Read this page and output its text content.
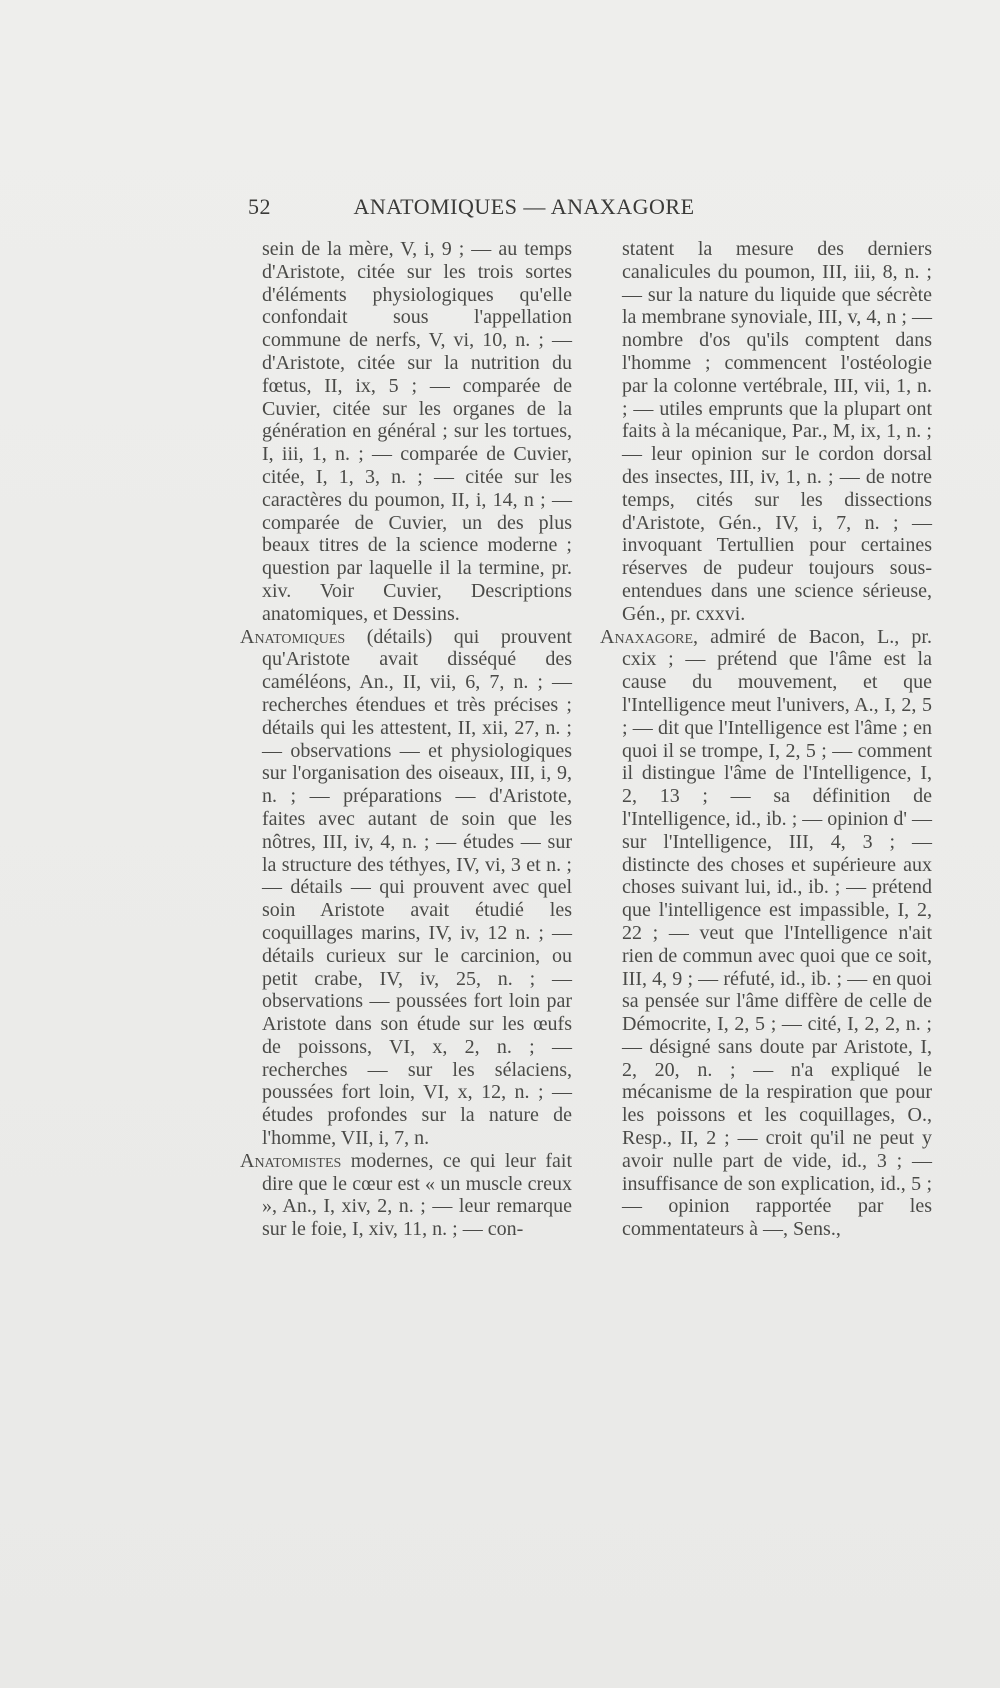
52	ANATOMIQUES — ANAXAGORE

sein de la mère, V, i, 9 ; — au temps d'Aristote, citée sur les trois sortes d'éléments physiologiques qu'elle confondait sous l'appellation commune de nerfs, V, vi, 10, n. ; — d'Aristote, citée sur la nutrition du fœtus, II, ix, 5 ; — comparée de Cuvier, citée sur les organes de la génération en général ; sur les tortues, I, iii, 1, n. ; — comparée de Cuvier, citée, I, 1, 3, n. ; — citée sur les caractères du poumon, II, i, 14, n ; — comparée de Cuvier, un des plus beaux titres de la science moderne ; question par laquelle il la termine, pr. xiv. Voir Cuvier, Descriptions anatomiques, et Dessins.

Anatomiques (détails) qui prouvent qu'Aristote avait disséqué des caméléons, An., II, vii, 6, 7, n. ; — recherches étendues et très précises ; détails qui les attestent, II, xii, 27, n. ; — observations — et physiologiques sur l'organisation des oiseaux, III, i, 9, n. ; — préparations — d'Aristote, faites avec autant de soin que les nôtres, III, iv, 4, n. ; — études — sur la structure des téthyes, IV, vi, 3 et n. ; — détails — qui prouvent avec quel soin Aristote avait étudié les coquillages marins, IV, iv, 12 n. ; — détails curieux sur le carcinion, ou petit crabe, IV, iv, 25, n. ; — observations — poussées fort loin par Aristote dans son étude sur les œufs de poissons, VI, x, 2, n. ; — recherches — sur les sélaciens, poussées fort loin, VI, x, 12, n. ; — études profondes sur la nature de l'homme, VII, i, 7, n.

Anatomistes modernes, ce qui leur fait dire que le cœur est « un muscle creux », An., I, xiv, 2, n. ; — leur remarque sur le foie, I, xiv, 11, n. ; — con-

statent la mesure des derniers canalicules du poumon, III, iii, 8, n. ; — sur la nature du liquide que sécrète la membrane synoviale, III, v, 4, n ; — nombre d'os qu'ils comptent dans l'homme ; commencent l'ostéologie par la colonne vertébrale, III, vii, 1, n. ; — utiles emprunts que la plupart ont faits à la mécanique, Par., M, ix, 1, n. ; — leur opinion sur le cordon dorsal des insectes, III, iv, 1, n. ; — de notre temps, cités sur les dissections d'Aristote, Gén., IV, i, 7, n. ; — invoquant Tertullien pour certaines réserves de pudeur toujours sous-entendues dans une science sérieuse, Gén., pr. cxxvi.

Anaxagore, admiré de Bacon, L., pr. cxix ; — prétend que l'âme est la cause du mouvement, et que l'Intelligence meut l'univers, A., I, 2, 5 ; — dit que l'Intelligence est l'âme ; en quoi il se trompe, I, 2, 5 ; — comment il distingue l'âme de l'Intelligence, I, 2, 13 ; — sa définition de l'Intelligence, id., ib. ; — opinion d' — sur l'Intelligence, III, 4, 3 ; — distincte des choses et supérieure aux choses suivant lui, id., ib. ; — prétend que l'intelligence est impassible, I, 2, 22 ; — veut que l'Intelligence n'ait rien de commun avec quoi que ce soit, III, 4, 9 ; — réfuté, id., ib. ; — en quoi sa pensée sur l'âme diffère de celle de Démocrite, I, 2, 5 ; — cité, I, 2, 2, n. ; — désigné sans doute par Aristote, I, 2, 20, n. ; — n'a expliqué le mécanisme de la respiration que pour les poissons et les coquillages, O., Resp., II, 2 ; — croit qu'il ne peut y avoir nulle part de vide, id., 3 ; — insuffisance de son explication, id., 5 ; — opinion rapportée par les commentateurs à —, Sens.,
